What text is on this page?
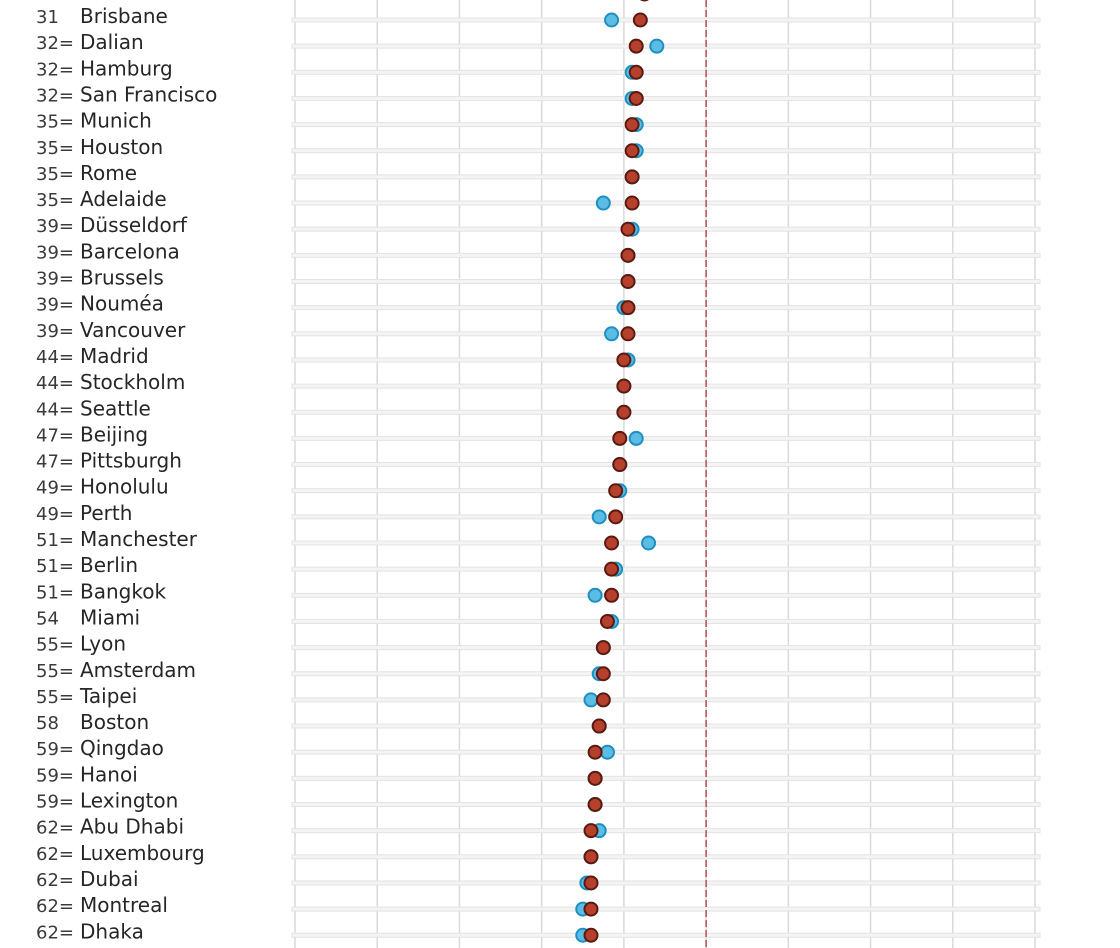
31 Brisbane
32= Dalian
32= Hamburg
32= San Francisco
35= Munich
35= Houston
35= Rome
35= Adelaide
39= Düsseldorf
39= Barcelona
39= Brussels
39= Nouméa
39= Vancouver
44= Madrid
44= Stockholm
44= Seattle
47= Beijing
47= Pittsburgh
49= Honolulu
49= Perth
51= Manchester
51= Berlin
51= Bangkok
54 Miami
55= Lyon
55= Amsterdam
55= Taipei
58 Boston
59= Qingdao
59= Hanoi
59= Lexington
62= Abu Dhabi
62= Luxembourg
62= Dubai
62= Montreal
62= Dhaka
